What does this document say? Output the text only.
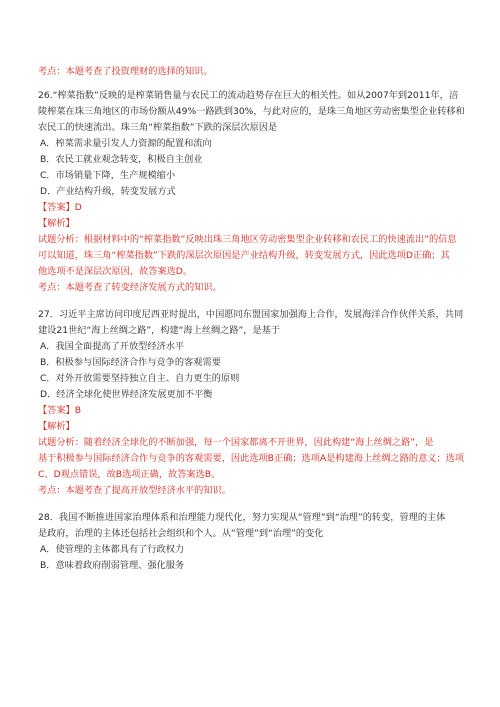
考点：本题考查了投资理财的选择的知识。
26.“榨菜指数”反映的是榨菜销售量与农民工的流动趋势存在巨大的相关性。如从2007年到2011年，涪
陵榨菜在珠三角地区的市场份额从49%一路跌到30%，与此对应的，是珠三角地区劳动密集型企业转移和
农民工的快速流出。珠三角“榨菜指数”下跌的深层次原因是
A．榨菜需求量引发人力资源的配置和流向
B．农民工就业观念转变，积极自主创业
C．市场销量下降，生产规模缩小
D．产业结构升级，转变发展方式
【答案】D
【解析】
试题分析：根据材料中的“榨菜指数”反映出珠三角地区劳动密集型企业转移和农民工的快速流出”的信息
可以知道，珠三角“榨菜指数”下跌的深层次原因是产业结构升级，转变发展方式，因此选项D正确；其
他选项不是深层次原因，故答案选D。
考点：本题考查了转变经济发展方式的知识。
27．习近平主席访问印度尼西亚时提出，中国愿同东盟国家加强海上合作，发展海洋合作伙伴关系，共同
建设21世纪“海上丝绸之路”，构建“海上丝绸之路”，是基于
A．我国全面提高了开放型经济水平
B．积极参与国际经济合作与竞争的客观需要
C．对外开放需要坚持独立自主、自力更生的原则
D．经济全球化使世界经济发展更加不平衡
【答案】B
【解析】
试题分析：随着经济全球化的不断加强，每一个国家都离不开世界，因此构建“海上丝绸之路”，是
基于积极参与国际经济合作与竞争的客观需要，因此选项B正确；选项A是构建海上丝绸之路的意义；选项
C、D观点错误，故B选项正确，故答案选B。
考点：本题考查了提高开放型经济水平的知识。
28．我国不断推进国家治理体系和治理能力现代化，努力实现从“管理”到“治理”的转变，管理的主体
是政府，治理的主体还包括社会组织和个人。从“管理”到“治理”的变化
A．使管理的主体都具有了行政权力
B．意味着政府削弱管理、强化服务
